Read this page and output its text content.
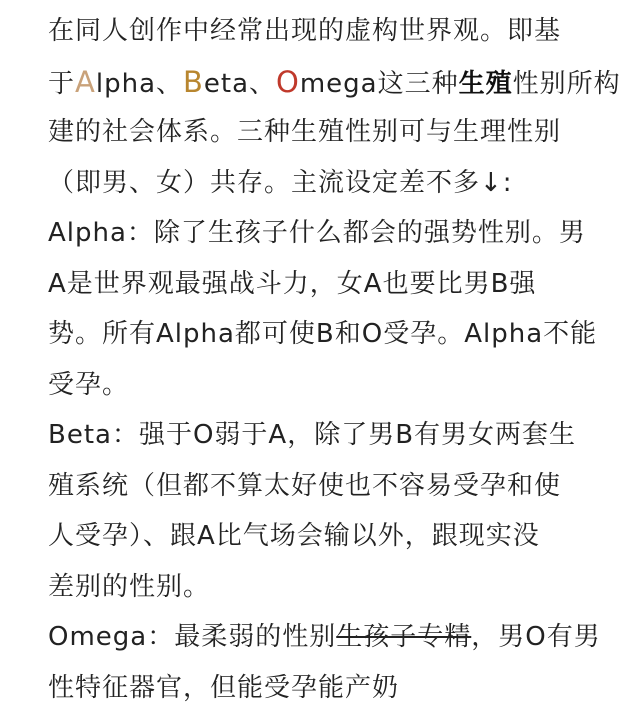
在同人创作中经常出现的虚构世界观。即基
于Alpha、Beta、Omega这三种生殖性别所构
建的社会体系。三种生殖性别可与生理性别
（即男、女）共存。主流设定差不多↓:
Alpha：除了生孩子什么都会的强势性别。男
A是世界观最强战斗力，女A也要比男B强
势。所有Alpha都可使B和O受孕。Alpha不能
受孕。
Beta：强于O弱于A，除了男B有男女两套生
殖系统（但都不算太好使也不容易受孕和使
人受孕）、跟A比气场会输以外，跟现实没
差别的性别。
Omega：最柔弱的性别生孩子专精，男O有男
性特征器官，但能受孕能产奶
